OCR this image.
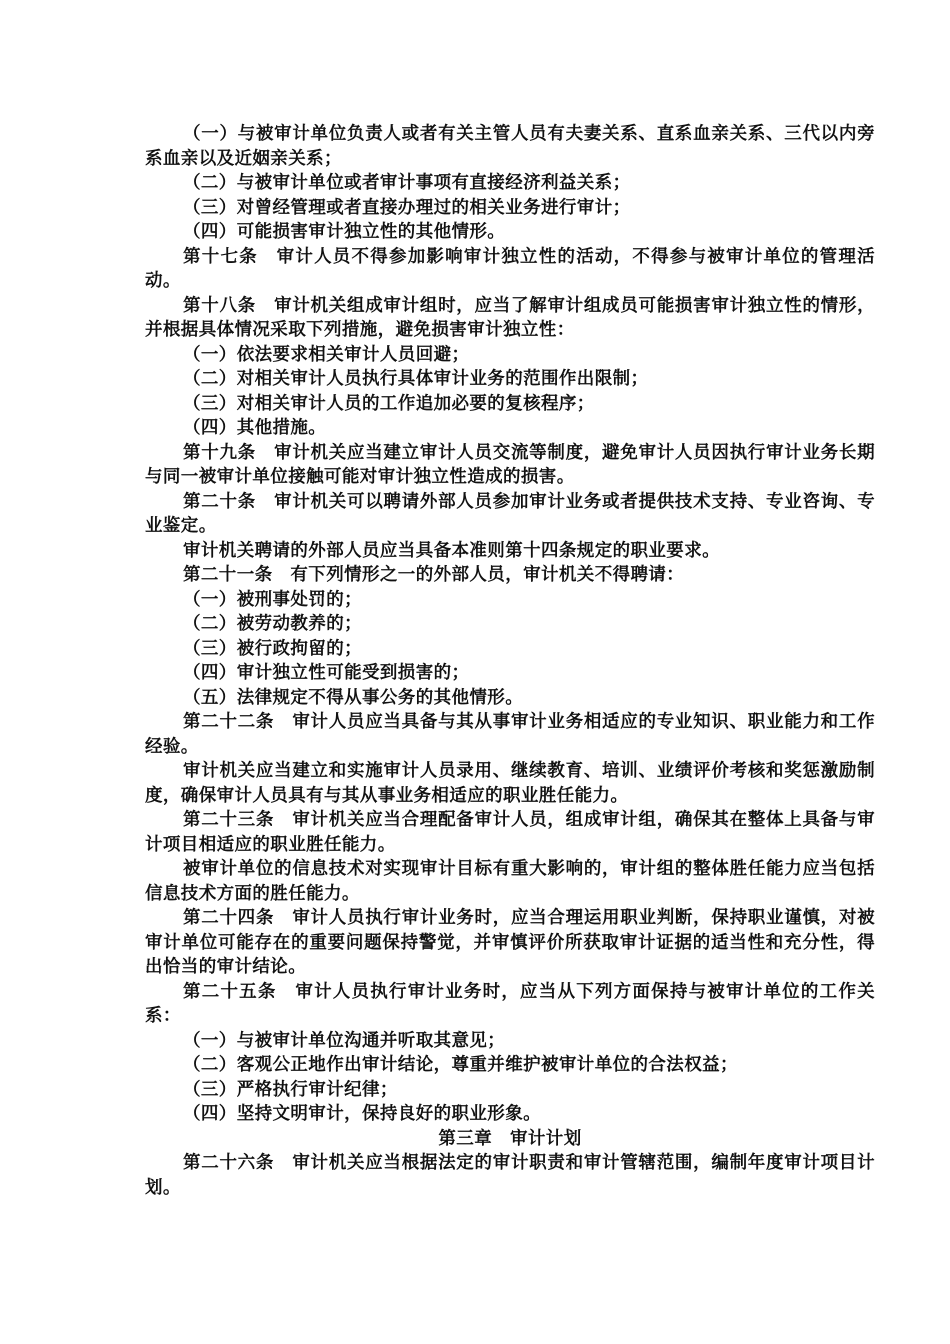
（一）与被审计单位负责人或者有关主管人员有夫妻关系、直系血亲关系、三代以内旁系血亲以及近姻亲关系；

（二）与被审计单位或者审计事项有直接经济利益关系；

（三）对曾经管理或者直接办理过的相关业务进行审计；

（四）可能损害审计独立性的其他情形。

第十七条　审计人员不得参加影响审计独立性的活动，不得参与被审计单位的管理活动。

第十八条　审计机关组成审计组时，应当了解审计组成员可能损害审计独立性的情形，并根据具体情况采取下列措施，避免损害审计独立性：

（一）依法要求相关审计人员回避；

（二）对相关审计人员执行具体审计业务的范围作出限制；

（三）对相关审计人员的工作追加必要的复核程序；

（四）其他措施。

第十九条　审计机关应当建立审计人员交流等制度，避免审计人员因执行审计业务长期与同一被审计单位接触可能对审计独立性造成的损害。

第二十条　审计机关可以聘请外部人员参加审计业务或者提供技术支持、专业咨询、专业鉴定。

审计机关聘请的外部人员应当具备本准则第十四条规定的职业要求。

第二十一条　有下列情形之一的外部人员，审计机关不得聘请：

（一）被刑事处罚的；

（二）被劳动教养的；

（三）被行政拘留的；

（四）审计独立性可能受到损害的；

（五）法律规定不得从事公务的其他情形。

第二十二条　审计人员应当具备与其从事审计业务相适应的专业知识、职业能力和工作经验。

审计机关应当建立和实施审计人员录用、继续教育、培训、业绩评价考核和奖惩激励制度，确保审计人员具有与其从事业务相适应的职业胜任能力。

第二十三条　审计机关应当合理配备审计人员，组成审计组，确保其在整体上具备与审计项目相适应的职业胜任能力。

被审计单位的信息技术对实现审计目标有重大影响的，审计组的整体胜任能力应当包括信息技术方面的胜任能力。

第二十四条　审计人员执行审计业务时，应当合理运用职业判断，保持职业谨慎，对被审计单位可能存在的重要问题保持警觉，并审慎评价所获取审计证据的适当性和充分性，得出恰当的审计结论。

第二十五条　审计人员执行审计业务时，应当从下列方面保持与被审计单位的工作关系：

（一）与被审计单位沟通并听取其意见；

（二）客观公正地作出审计结论，尊重并维护被审计单位的合法权益；

（三）严格执行审计纪律；

（四）坚持文明审计，保持良好的职业形象。

第三章　审计计划

第二十六条　审计机关应当根据法定的审计职责和审计管辖范围，编制年度审计项目计划。
